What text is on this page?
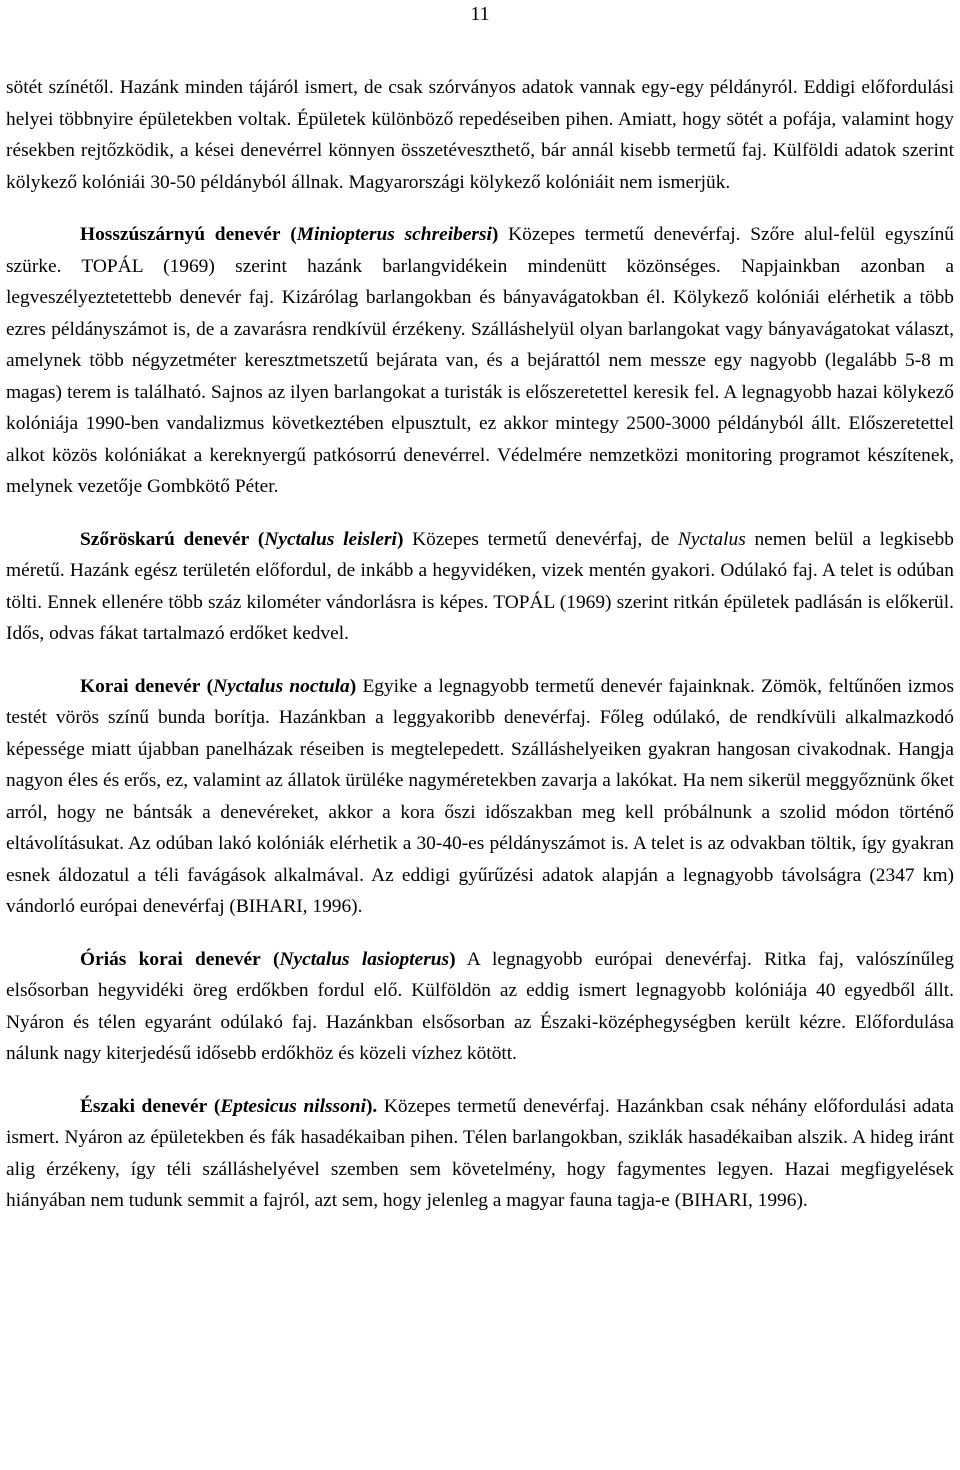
11

sötét színétől. Hazánk minden tájáról ismert, de csak szórványos adatok vannak egy-egy példányról. Eddigi előfordulási helyei többnyire épületekben voltak. Épületek különböző repedéseiben pihen. Amiatt, hogy sötét a pofája, valamint hogy résekben rejtőzködik, a kései denevérrel könnyen összetéveszthető, bár annál kisebb termetű faj. Külföldi adatok szerint kölykező kolóniái 30-50 példányból állnak. Magyarországi kölykező kolóniáit nem ismerjük.

Hosszúszárnyú denevér (Miniopterus schreibersi) Közepes termetű denevérfaj. Szőre alul-felül egyszínű szürke. TOPÁL (1969) szerint hazánk barlangvidékein mindenütt közönséges. Napjainkban azonban a legveszélyeztetettebb denevér faj. Kizárólag barlangokban és bányavágatokban él. Kölykező kolóniái elérhetik a több ezres példányszámot is, de a zavarásra rendkívül érzékeny. Szálláshelyül olyan barlangokat vagy bányavágatokat választ, amelynek több négyzetméter keresztmetszetű bejárata van, és a bejárattól nem messze egy nagyobb (legalább 5-8 m magas) terem is található. Sajnos az ilyen barlangokat a turisták is előszeretettel keresik fel. A legnagyobb hazai kölykező kolóniája 1990-ben vandalizmus következtében elpusztult, ez akkor mintegy 2500-3000 példányból állt. Előszeretettel alkot közös kolóniákat a kereknyergű patkósorrú denevérrel. Védelmére nemzetközi monitoring programot készítenek, melynek vezetője Gombkötő Péter.

Szőröskarú denevér (Nyctalus leisleri) Közepes termetű denevérfaj, de Nyctalus nemen belül a legkisebb méretű. Hazánk egész területén előfordul, de inkább a hegyvidéken, vizek mentén gyakori. Odúlakó faj. A telet is odúban tölti. Ennek ellenére több száz kilométer vándorlásra is képes. TOPÁL (1969) szerint ritkán épületek padlásán is előkerül. Idős, odvas fákat tartalmazó erdőket kedvel.

Korai denevér (Nyctalus noctula) Egyike a legnagyobb termetű denevér fajainknak. Zömök, feltűnően izmos testét vörös színű bunda borítja. Hazánkban a leggyakoribb denevérfaj. Főleg odúlakó, de rendkívüli alkalmazkodó képessége miatt újabban panelházak réseiben is megtelepedett. Szálláshelyeiken gyakran hangosan civakodnak. Hangja nagyon éles és erős, ez, valamint az állatok ürüléke nagyméretekben zavarja a lakókat. Ha nem sikerül meggyőznünk őket arról, hogy ne bántsák a denevéreket, akkor a kora őszi időszakban meg kell próbálnunk a szolid módon történő eltávolításukat. Az odúban lakó kolóniák elérhetik a 30-40-es példányszámot is. A telet is az odvakban töltik, így gyakran esnek áldozatul a téli favágások alkalmával. Az eddigi gyűrűzési adatok alapján a legnagyobb távolságra (2347 km) vándorló európai denevérfaj (BIHARI, 1996).

Óriás korai denevér (Nyctalus lasiopterus) A legnagyobb európai denevérfaj. Ritka faj, valószínűleg elsősorban hegyvidéki öreg erdőkben fordul elő. Külföldön az eddig ismert legnagyobb kolóniája 40 egyedből állt. Nyáron és télen egyaránt odúlakó faj. Hazánkban elsősorban az Északi-középhegységben került kézre. Előfordulása nálunk nagy kiterjedésű idősebb erdőkhöz és közeli vízhez kötött.

Északi denevér (Eptesicus nilssoni). Közepes termetű denevérfaj. Hazánkban csak néhány előfordulási adata ismert. Nyáron az épületekben és fák hasadékaiban pihen. Télen barlangokban, sziklák hasadékaiban alszik. A hideg iránt alig érzékeny, így téli szálláshelyével szemben sem követelmény, hogy fagymentes legyen. Hazai megfigyelések hiányában nem tudunk semmit a fajról, azt sem, hogy jelenleg a magyar fauna tagja-e (BIHARI, 1996).
